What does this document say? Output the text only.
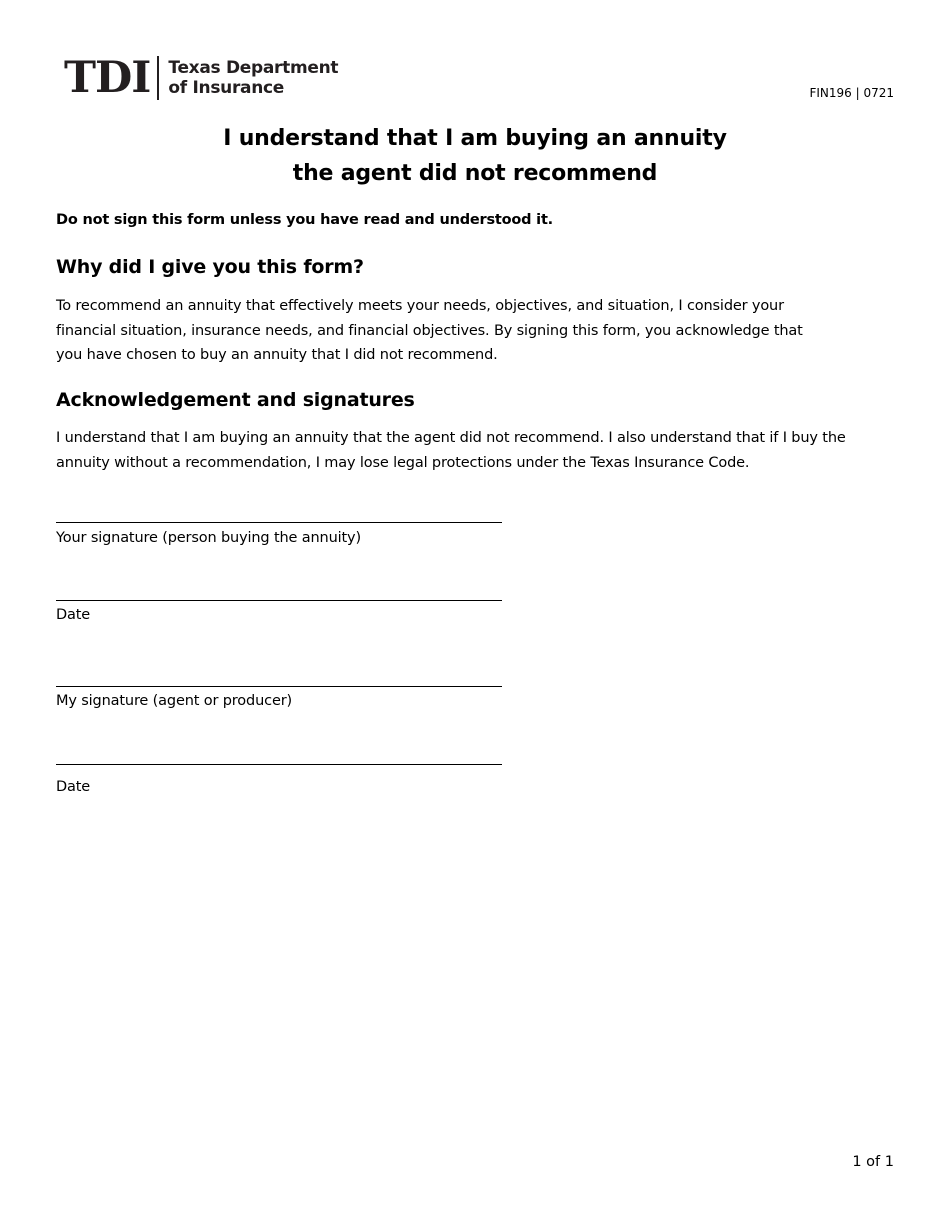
TDI Texas Department
of Insurance	FIN196 | 0721
I understand that I am buying an annuity
the agent did not recommend
Do not sign this form unless you have read and understood it.
Why did I give you this form?
To recommend an annuity that effectively meets your needs, objectives, and situation, I consider your
financial situation, insurance needs, and financial objectives. By signing this form, you acknowledge that
you have chosen to buy an annuity that I did not recommend.
Acknowledgement and signatures
I understand that I am buying an annuity that the agent did not recommend. I also understand that if I buy the
annuity without a recommendation, I may lose legal protections under the Texas Insurance Code.
Your signature (person buying the annuity)
Date
My signature (agent or producer)
Date
1 of 1
